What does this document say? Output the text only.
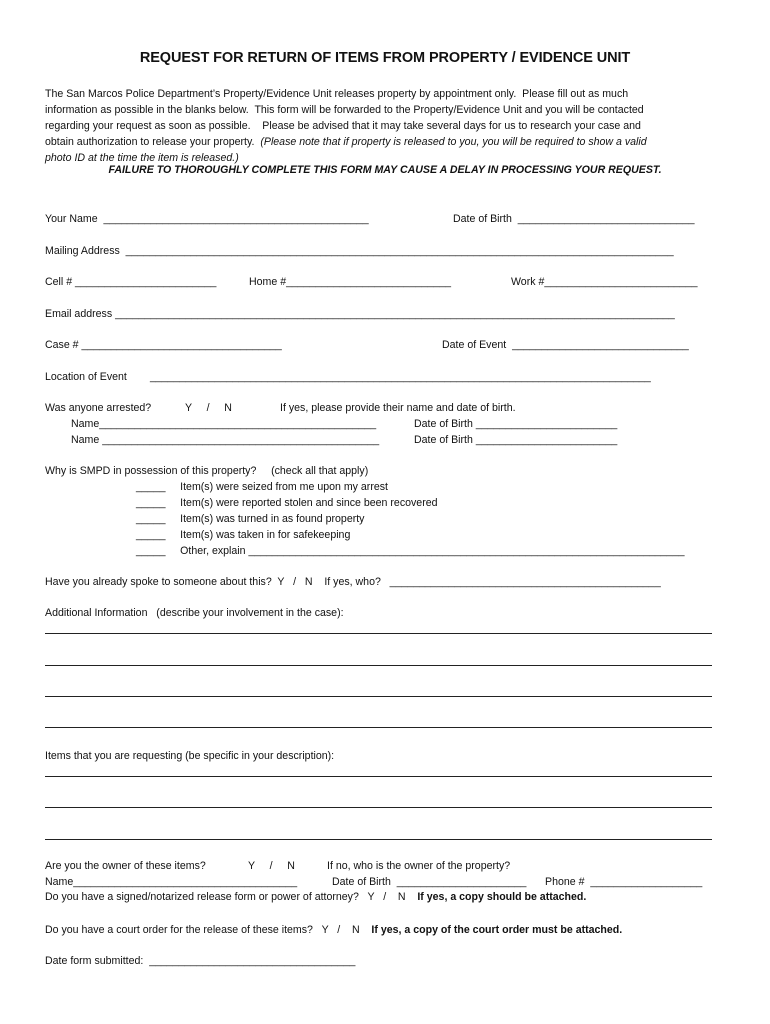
REQUEST FOR RETURN OF ITEMS FROM PROPERTY / EVIDENCE UNIT
The San Marcos Police Department’s Property/Evidence Unit releases property by appointment only.  Please fill out as much
information as possible in the blanks below.  This form will be forwarded to the Property/Evidence Unit and you will be contacted
regarding your request as soon as possible.    Please be advised that it may take several days for us to research your case and
obtain authorization to release your property.  (Please note that if property is released to you, you will be required to show a valid
photo ID at the time the item is released.)
FAILURE TO THOROUGHLY COMPLETE THIS FORM MAY CAUSE A DELAY IN PROCESSING YOUR REQUEST.
Your Name  _____________________________________________	Date of Birth  ______________________________
Mailing Address  _____________________________________________________________________________________________
Cell # ________________________	Home #____________________________	Work #__________________________
Email address _______________________________________________________________________________________________
Case # __________________________________	Date of Event  ______________________________
Location of Event _____________________________________________________________________________________
Was anyone arrested?	Y     /     N	If yes, please provide their name and date of birth.
Name_______________________________________________	Date of Birth ________________________
Name _______________________________________________	Date of Birth ________________________
Why is SMPD in possession of this property?     (check all that apply)
_____     Item(s) were seized from me upon my arrest
_____     Item(s) were reported stolen and since been recovered
_____     Item(s) was turned in as found property
_____     Item(s) was taken in for safekeeping
_____     Other, explain __________________________________________________________________________
Have you already spoke to someone about this?  Y   /   N    If yes, who?   ______________________________________________
Additional Information   (describe your involvement in the case):
Items that you are requesting (be specific in your description):
Are you the owner of these items?	Y     /     N	If no, who is the owner of the property?
Name______________________________________	Date of Birth  ______________________ Phone #  ___________________
Do you have a signed/notarized release form or power of attorney?   Y   /    N    If yes, a copy should be attached.
Do you have a court order for the release of these items?   Y   /    N    If yes, a copy of the court order must be attached.
Date form submitted:  ___________________________________
